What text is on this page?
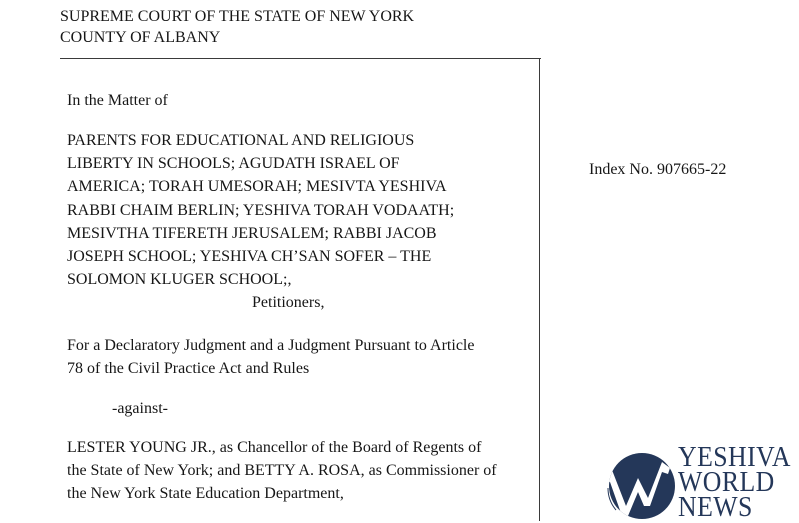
SUPREME COURT OF THE STATE OF NEW YORK
COUNTY OF ALBANY
In the Matter of
PARENTS FOR EDUCATIONAL AND RELIGIOUS
LIBERTY IN SCHOOLS; AGUDATH ISRAEL OF
AMERICA; TORAH UMESORAH; MESIVTA YESHIVA
RABBI CHAIM BERLIN; YESHIVA TORAH VODAATH;
MESIVTHA TIFERETH JERUSALEM; RABBI JACOB
JOSEPH SCHOOL; YESHIVA CH’SAN SOFER – THE
SOLOMON KLUGER SCHOOL;,
Petitioners,
For a Declaratory Judgment and a Judgment Pursuant to Article
78 of the Civil Practice Act and Rules
-against-
LESTER YOUNG JR., as Chancellor of the Board of Regents of
the State of New York; and BETTY A. ROSA, as Commissioner of
the New York State Education Department,
Index No. 907665-22
YESHIVA
WORLD
NEWS
